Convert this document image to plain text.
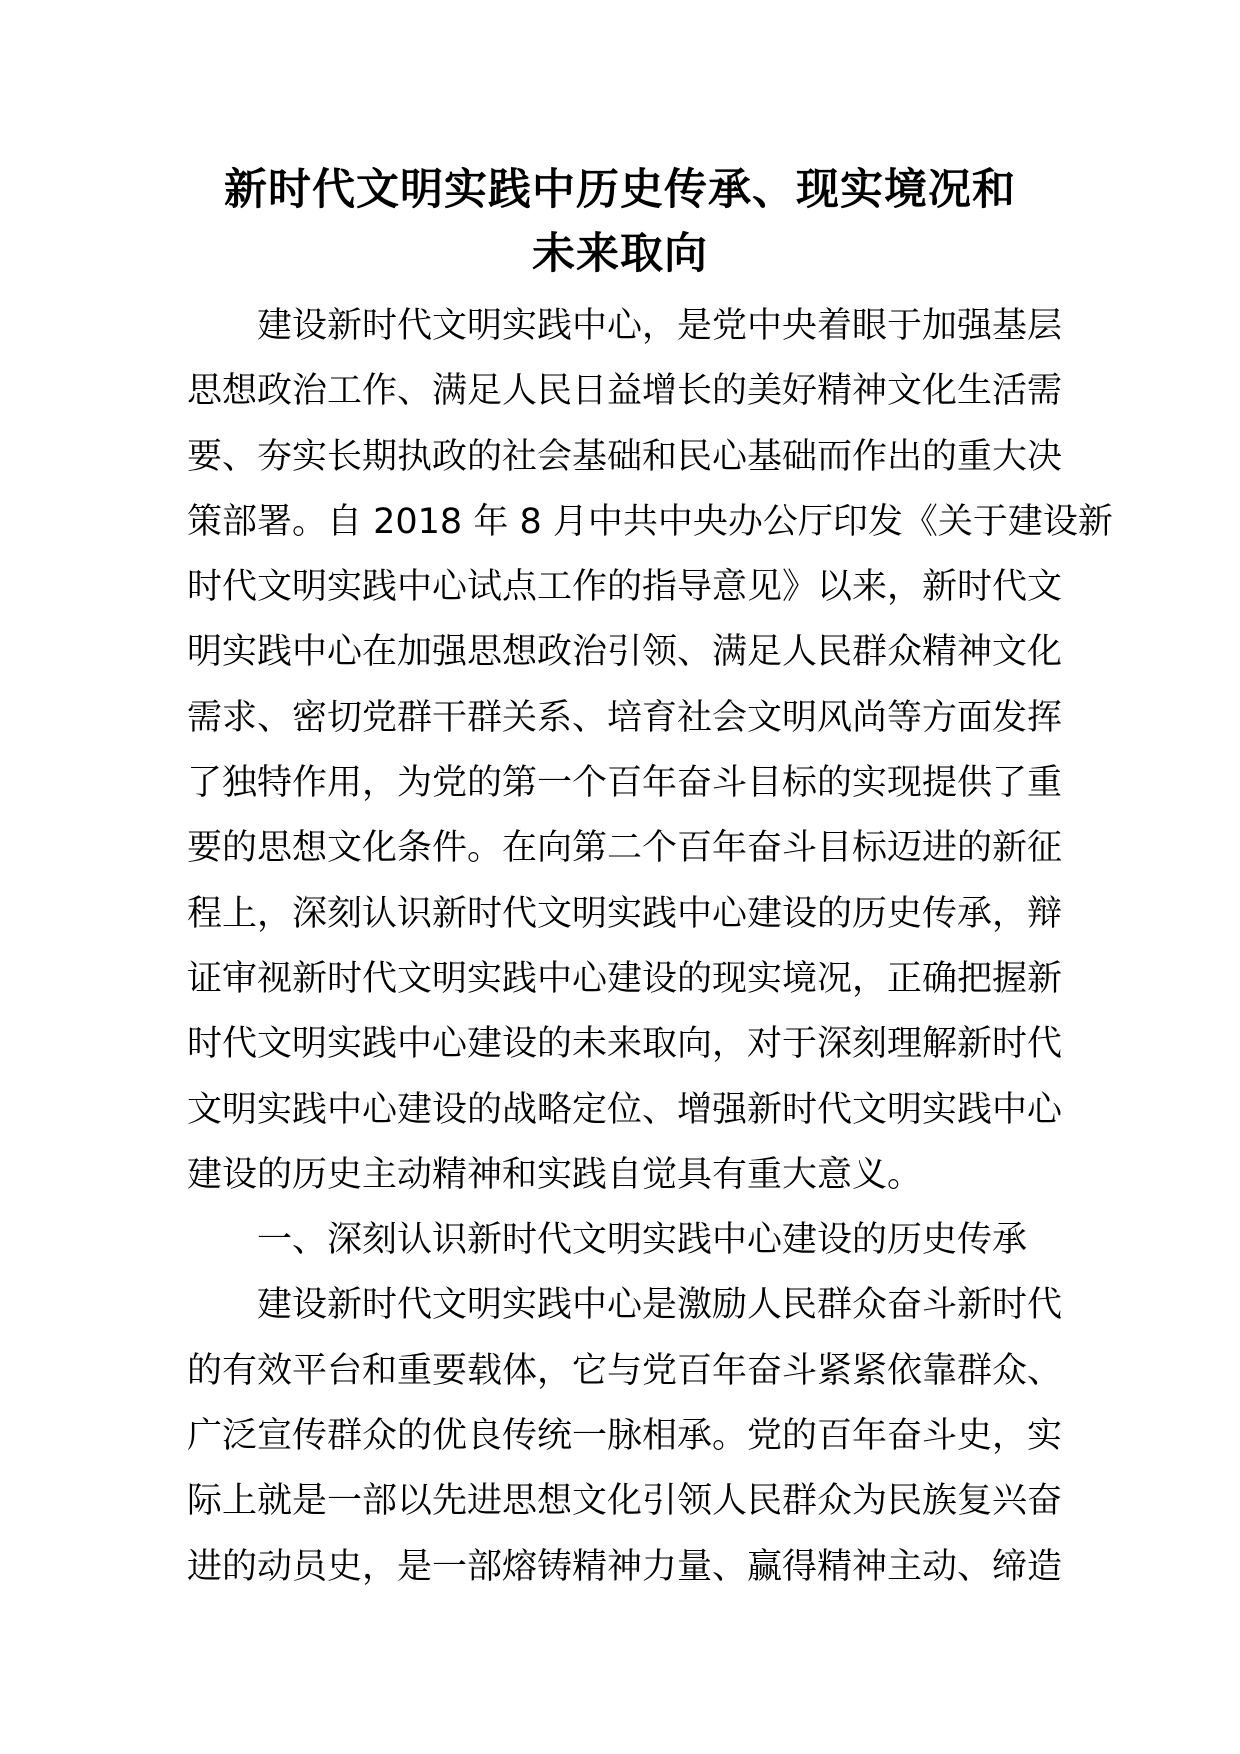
新时代文明实践中历史传承、现实境况和
未来取向
建设新时代文明实践中心，是党中央着眼于加强基层
思想政治工作、满足人民日益增长的美好精神文化生活需
要、夯实长期执政的社会基础和民心基础而作出的重大决
策部署。自 2018 年 8 月中共中央办公厅印发《关于建设新
时代文明实践中心试点工作的指导意见》以来，新时代文
明实践中心在加强思想政治引领、满足人民群众精神文化
需求、密切党群干群关系、培育社会文明风尚等方面发挥
了独特作用，为党的第一个百年奋斗目标的实现提供了重
要的思想文化条件。在向第二个百年奋斗目标迈进的新征
程上，深刻认识新时代文明实践中心建设的历史传承，辩
证审视新时代文明实践中心建设的现实境况，正确把握新
时代文明实践中心建设的未来取向，对于深刻理解新时代
文明实践中心建设的战略定位、增强新时代文明实践中心
建设的历史主动精神和实践自觉具有重大意义。
一、深刻认识新时代文明实践中心建设的历史传承
建设新时代文明实践中心是激励人民群众奋斗新时代
的有效平台和重要载体，它与党百年奋斗紧紧依靠群众、
广泛宣传群众的优良传统一脉相承。党的百年奋斗史，实
际上就是一部以先进思想文化引领人民群众为民族复兴奋
进的动员史，是一部熔铸精神力量、赢得精神主动、缔造
